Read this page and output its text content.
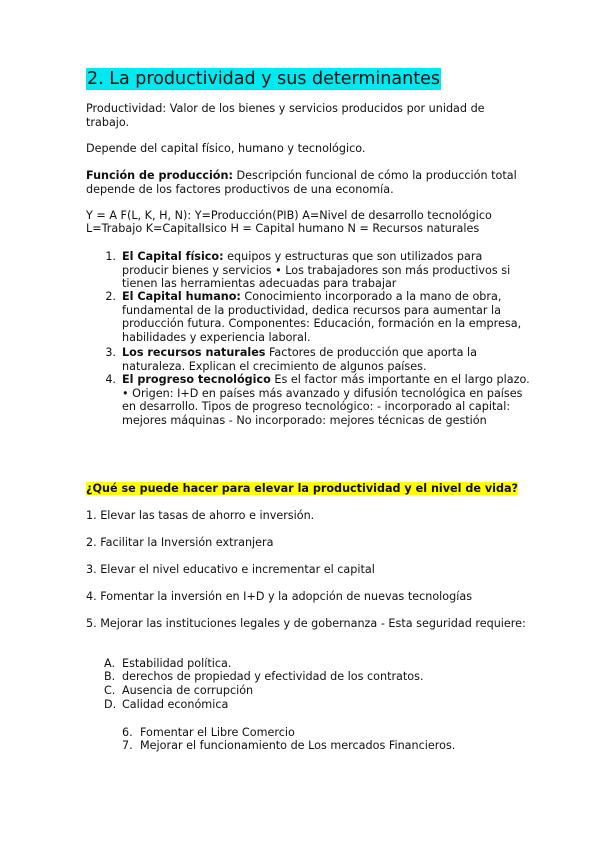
2. La productividad y sus determinantes
Productividad: Valor de los bienes y servicios producidos por unidad de trabajo.
Depende del capital físico, humano y tecnológico.
Función de producción: Descripción funcional de cómo la producción total depende de los factores productivos de una economía.
Y = A F(L, K, H, N): Y=Producción(PIB) A=Nivel de desarrollo tecnológico
L=Trabajo K=CapitalIsico H = Capital humano N = Recursos naturales
1. El Capital físico: equipos y estructuras que son utilizados para producir bienes y servicios • Los trabajadores son más productivos si tienen las herramientas adecuadas para trabajar
2. El Capital humano: Conocimiento incorporado a la mano de obra, fundamental de la productividad, dedica recursos para aumentar la producción futura. Componentes: Educación, formación en la empresa, habilidades y experiencia laboral.
3. Los recursos naturales Factores de producción que aporta la naturaleza. Explican el crecimiento de algunos países.
4. El progreso tecnológico Es el factor más importante en el largo plazo. • Origen: I+D en países más avanzado y difusión tecnológica en países en desarrollo. Tipos de progreso tecnológico: - incorporado al capital: mejores máquinas - No incorporado: mejores técnicas de gestión
¿Qué se puede hacer para elevar la productividad y el nivel de vida?
1. Elevar las tasas de ahorro e inversión.
2. Facilitar la Inversión extranjera
3. Elevar el nivel educativo e incrementar el capital
4. Fomentar la inversión en I+D y la adopción de nuevas tecnologías
5. Mejorar las instituciones legales y de gobernanza - Esta seguridad requiere:
A. Estabilidad política.
B. derechos de propiedad y efectividad de los contratos.
C. Ausencia de corrupción
D. Calidad económica
6. Fomentar el Libre Comercio
7. Mejorar el funcionamiento de Los mercados Financieros.
